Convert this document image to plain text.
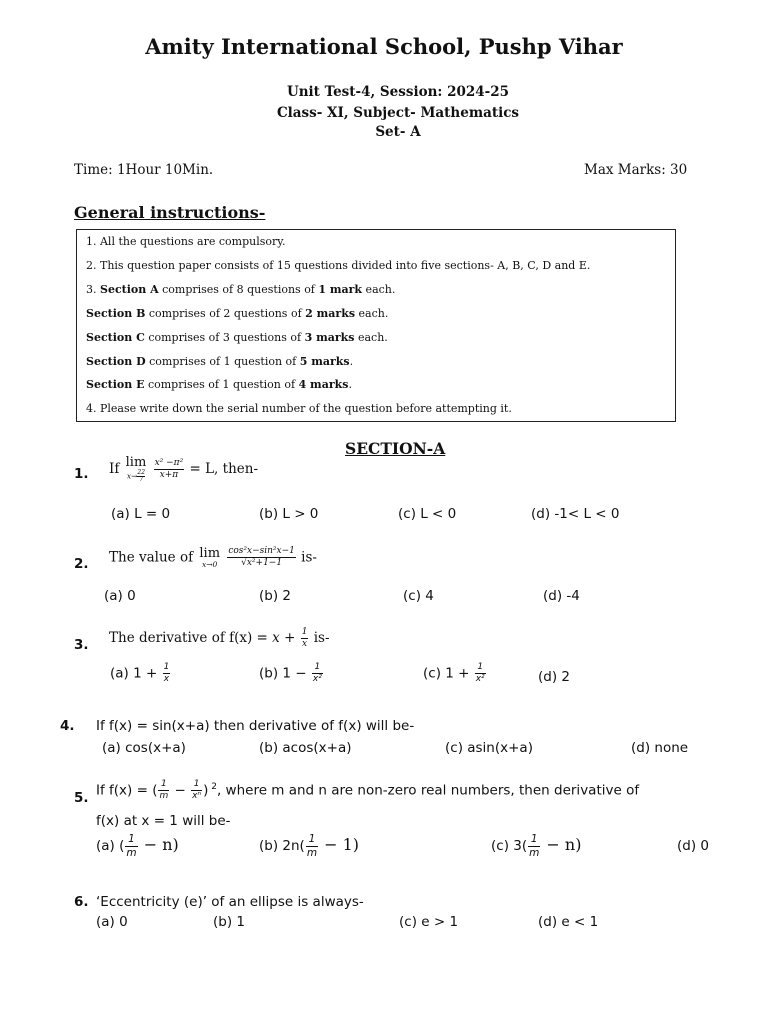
Amity International School, Pushp Vihar
Unit Test-4, Session: 2024-25
Class- XI, Subject- Mathematics
Set- A
Time: 1Hour 10Min.	Max Marks: 30
General instructions-
1. All the questions are compulsory.
2. This question paper consists of 15 questions divided into five sections- A, B, C, D and E.
3. Section A comprises of 8 questions of 1 mark each.
Section B comprises of 2 questions of 2 marks each.
Section C comprises of 3 questions of 3 marks each.
Section D comprises of 1 question of 5 marks.
Section E comprises of 1 question of 4 marks.
4. Please write down the serial number of the question before attempting it.
SECTION-A
1. If lim
$x\to \frac{22}{7}$
$\frac{\text{x² −π²}}{x+\pi} = L$, then-
(a) L = 0	(b) L > 0	(c) L < 0	(d) -1< L < 0
2. The value of lim
x→0
$\frac{\text{cos²x−sin²x−1}}{\text{√x²+1−1}} is-$
(a) 0	(b) 2	(c) 4	(d) -4
3. The derivative of $f(x) = x + \frac{1}{x} is-$
(a) $1 + \frac{1}{x}$	(b) $1 - \frac{1}{\text{x²}}$	(c) $1 + \frac{1}{\text{x²}}$	(d) 2
4. If f(x) = sin(x+a) then derivative of f(x) will be-
(a) cos(x+a)	(b) acos(x+a)	(c) asin(x+a)	(d) none
5. If f(x) = ( $\frac{1}{m} - \frac{1}{\text{xⁿ}}$ ) $^2$, where m and n are non-zero real numbers, then derivative of
f(x) at x = 1 will be-
(a) ( $\frac{1}{m} - n$)	(b) $2n( \frac{1}{m} - 1)$	(c) $3( \frac{1}{m} - n)$	(d) 0
6. ‘Eccentricity (e)’ of an ellipse is always-
(a) 0	(b) 1	(c) e > 1	(d) e < 1
